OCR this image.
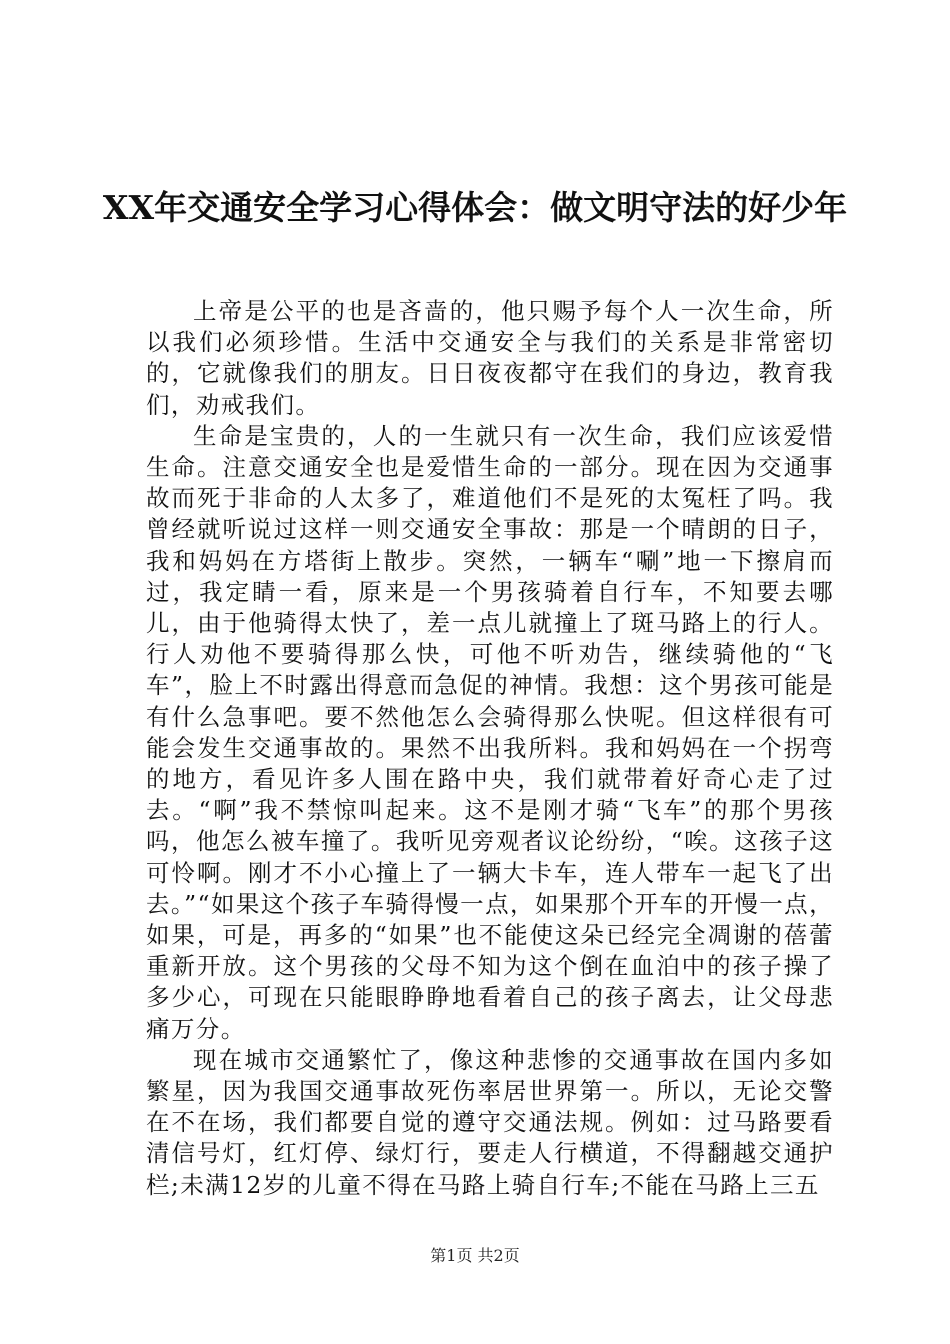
XX年交通安全学习心得体会：做文明守法的好少年

上帝是公平的也是吝啬的，他只赐予每个人一次生命，所以我们必须珍惜。生活中交通安全与我们的关系是非常密切的，它就像我们的朋友。日日夜夜都守在我们的身边，教育我们，劝戒我们。

生命是宝贵的，人的一生就只有一次生命，我们应该爱惜生命。注意交通安全也是爱惜生命的一部分。现在因为交通事故而死于非命的人太多了，难道他们不是死的太冤枉了吗。我曾经就听说过这样一则交通安全事故：那是一个晴朗的日子，我和妈妈在方塔街上散步。突然，一辆车“唰”地一下擦肩而过，我定睛一看，原来是一个男孩骑着自行车，不知要去哪儿，由于他骑得太快了，差一点儿就撞上了斑马路上的行人。行人劝他不要骑得那么快，可他不听劝告，继续骑他的“飞车”，脸上不时露出得意而急促的神情。我想：这个男孩可能是有什么急事吧。要不然他怎么会骑得那么快呢。但这样很有可能会发生交通事故的。果然不出我所料。我和妈妈在一个拐弯的地方，看见许多人围在路中央，我们就带着好奇心走了过去。“啊”我不禁惊叫起来。这不是刚才骑“飞车”的那个男孩吗，他怎么被车撞了。我听见旁观者议论纷纷，“唉。这孩子这可怜啊。刚才不小心撞上了一辆大卡车，连人带车一起飞了出去。”“如果这个孩子车骑得慢一点，如果那个开车的开慢一点，如果，可是，再多的“如果”也不能使这朵已经完全凋谢的蓓蕾重新开放。这个男孩的父母不知为这个倒在血泊中的孩子操了多少心，可现在只能眼睁睁地看着自己的孩子离去，让父母悲痛万分。

现在城市交通繁忙了，像这种悲惨的交通事故在国内多如繁星，因为我国交通事故死伤率居世界第一。所以，无论交警在不在场，我们都要自觉的遵守交通法规。例如：过马路要看清信号灯，红灯停、绿灯行，要走人行横道，不得翻越交通护栏;未满12岁的儿童不得在马路上骑自行车;不能在马路上三五

第1页 共2页
